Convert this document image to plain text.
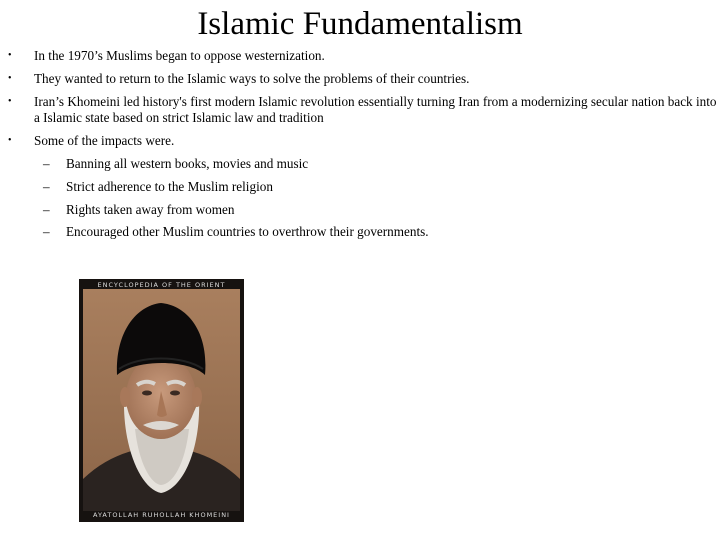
Islamic Fundamentalism
• In the 1970’s Muslims began to oppose westernization.
• They wanted to return to the Islamic ways to solve the problems of their countries.
• Iran’s Khomeini led history's first modern Islamic revolution essentially turning Iran from a modernizing secular nation back into a Islamic state based on strict Islamic law and tradition
• Some of the impacts were.
– Banning all western books, movies and music
– Strict adherence to the Muslim religion
– Rights taken away from women
– Encouraged other Muslim countries to overthrow their governments.
ENCYCLOPEDIA OF THE ORIENT
AYATOLLAH RUHOLLAH KHOMEINI
